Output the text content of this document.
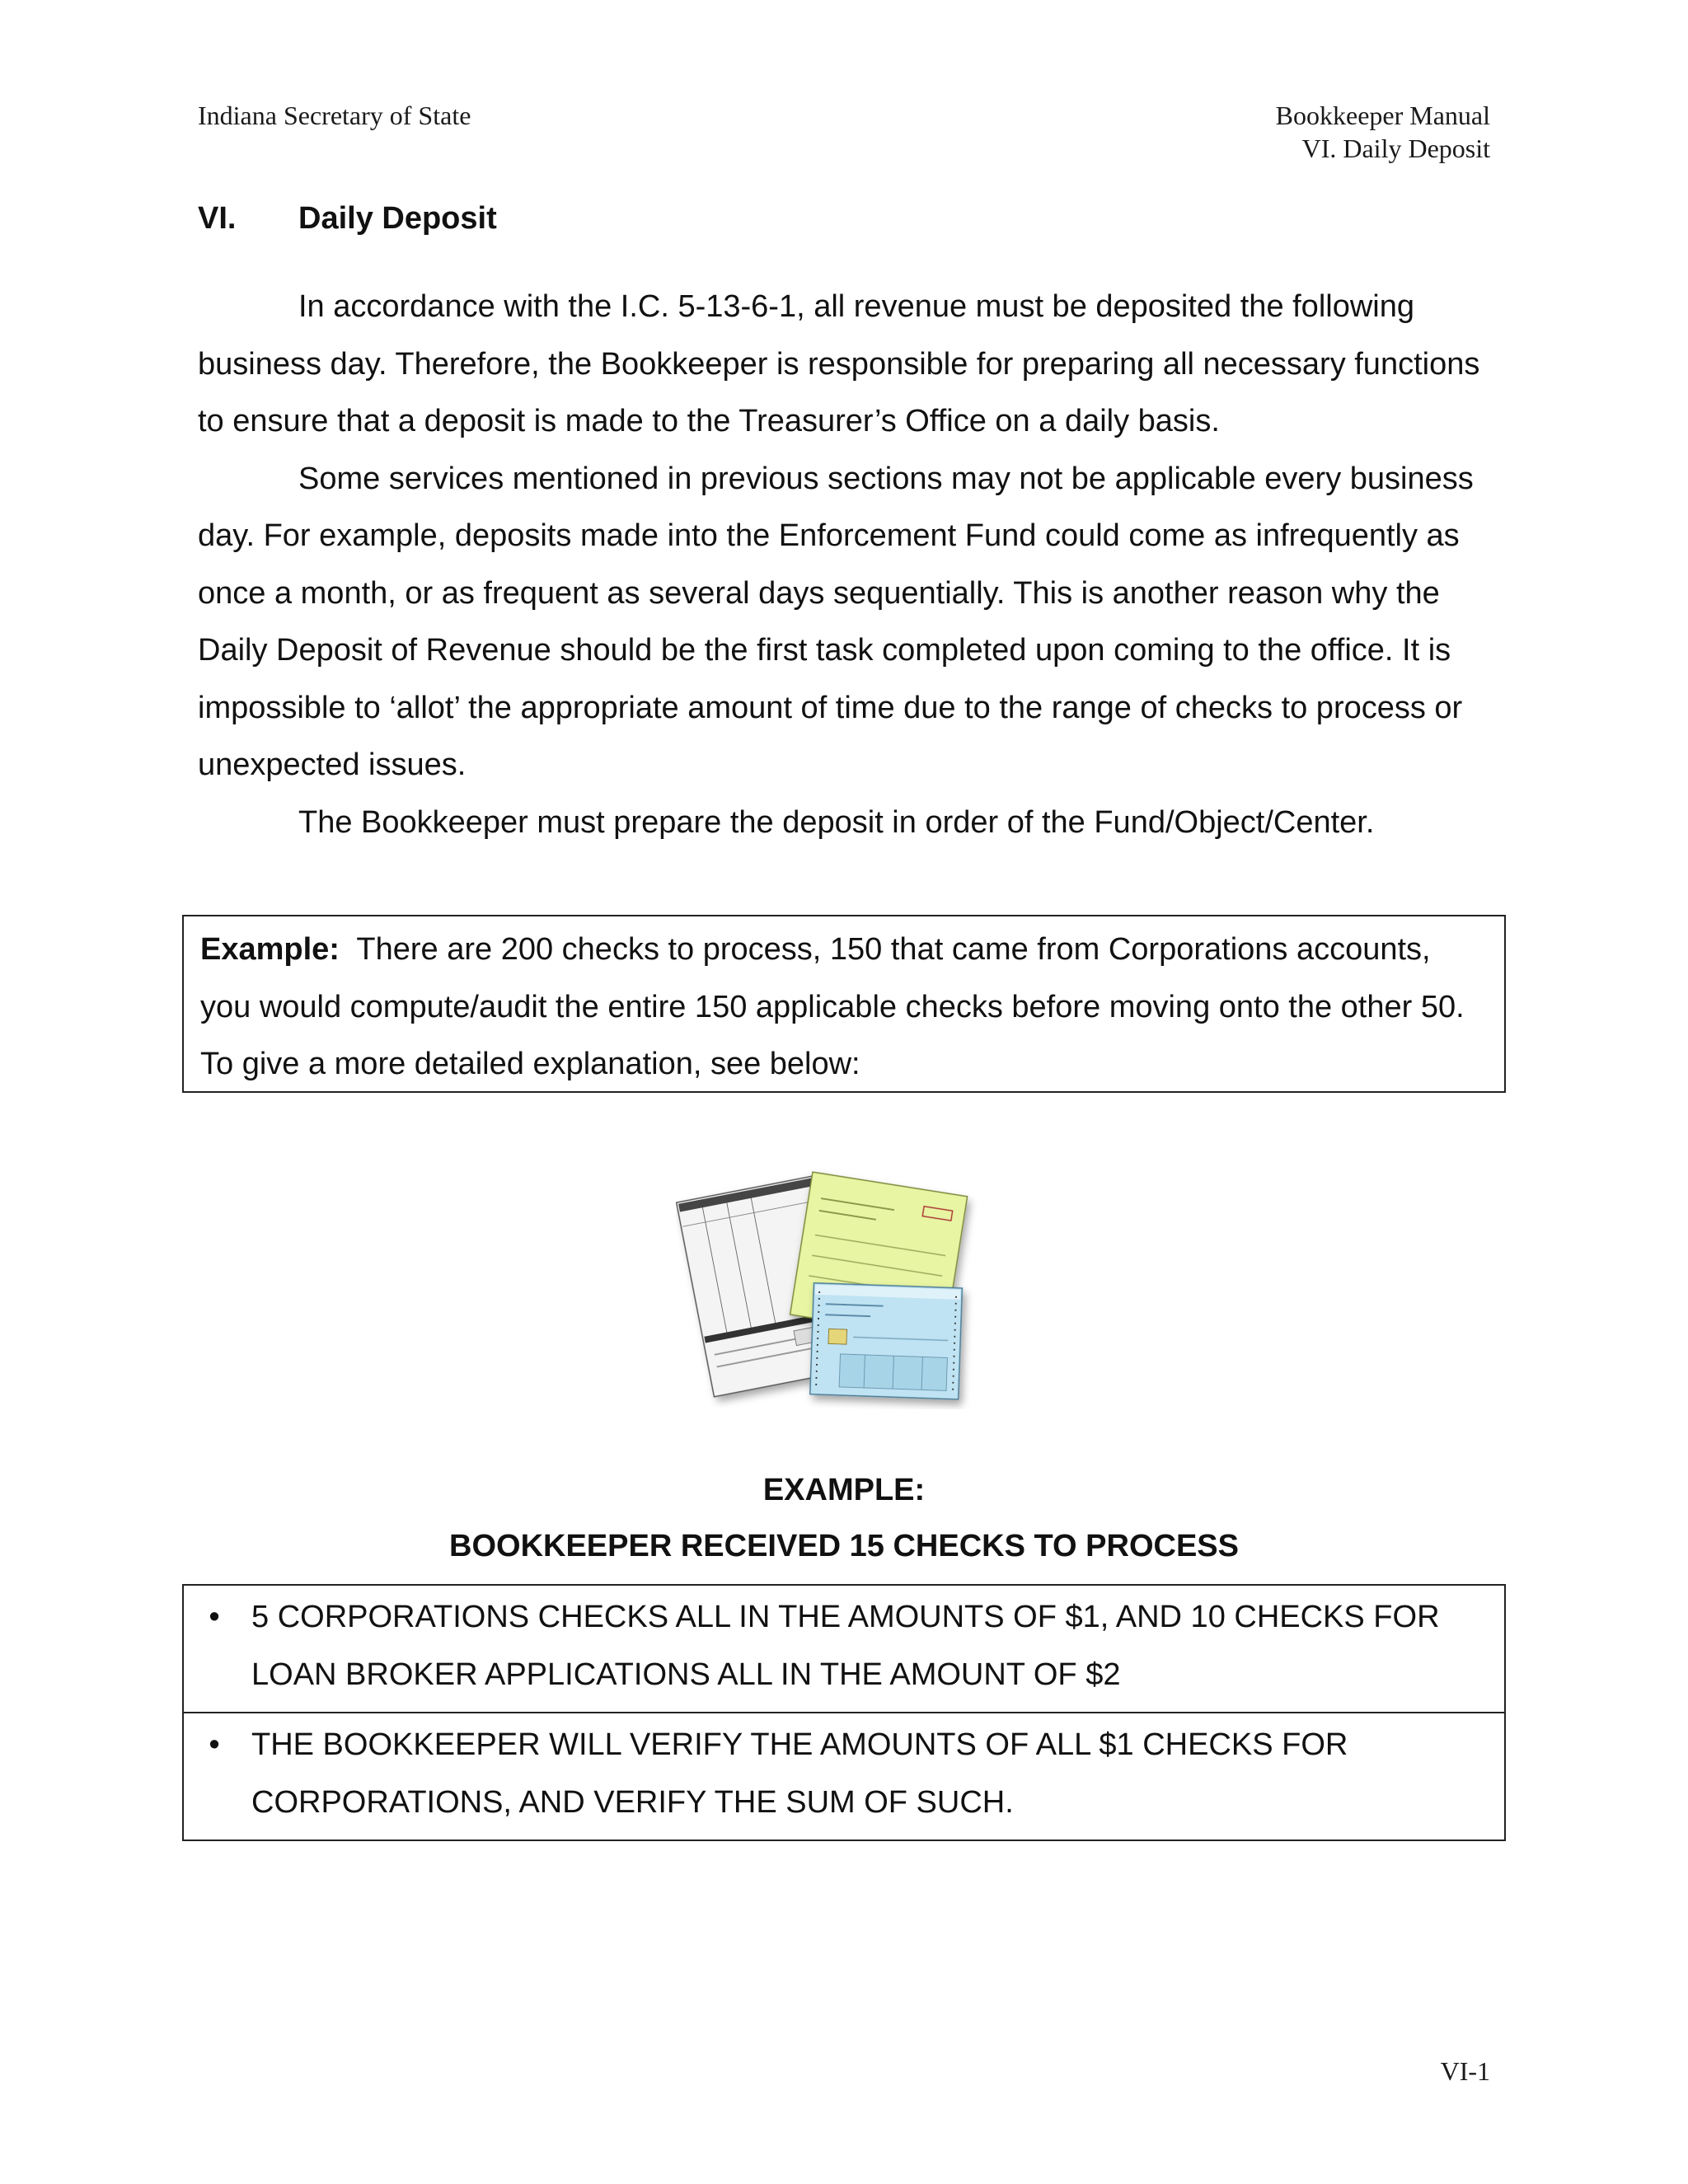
Indiana Secretary of State	Bookkeeper Manual
VI. Daily Deposit
VI. Daily Deposit

In accordance with the I.C. 5-13-6-1, all revenue must be deposited the following business day. Therefore, the Bookkeeper is responsible for preparing all necessary functions to ensure that a deposit is made to the Treasurer’s Office on a daily basis.

Some services mentioned in previous sections may not be applicable every business day. For example, deposits made into the Enforcement Fund could come as infrequently as once a month, or as frequent as several days sequentially. This is another reason why the Daily Deposit of Revenue should be the first task completed upon coming to the office. It is impossible to ‘allot’ the appropriate amount of time due to the range of checks to process or unexpected issues.

The Bookkeeper must prepare the deposit in order of the Fund/Object/Center.

Example: There are 200 checks to process, 150 that came from Corporations accounts, you would compute/audit the entire 150 applicable checks before moving onto the other 50. To give a more detailed explanation, see below:
EXAMPLE:
BOOKKEEPER RECEIVED 15 CHECKS TO PROCESS
• 5 CORPORATIONS CHECKS ALL IN THE AMOUNTS OF $1, AND 10 CHECKS FOR LOAN BROKER APPLICATIONS ALL IN THE AMOUNT OF $2
• THE BOOKKEEPER WILL VERIFY THE AMOUNTS OF ALL $1 CHECKS FOR CORPORATIONS, AND VERIFY THE SUM OF SUCH.
VI-1
